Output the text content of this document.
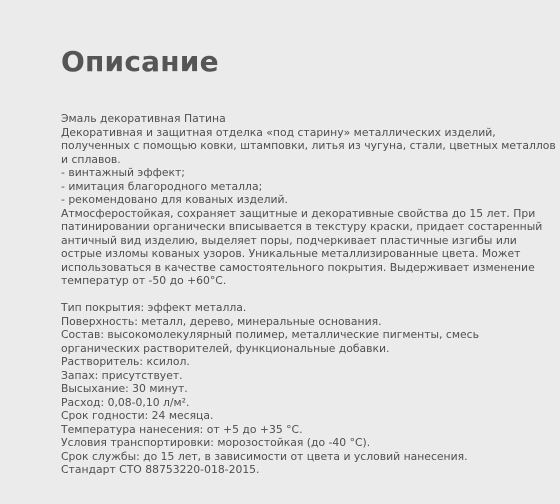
Описание
Эмаль декоративная Патина
Декоративная и защитная отделка «под старину» металлических изделий,
полученных с помощью ковки, штамповки, литья из чугуна, стали, цветных металлов
и сплавов.
- винтажный эффект;
- имитация благородного металла;
- рекомендовано для кованых изделий.
Атмосферостойкая, сохраняет защитные и декоративные свойства до 15 лет. При
патинировании органически вписывается в текстуру краски, придает состаренный
античный вид изделию, выделяет поры, подчеркивает пластичные изгибы или
острые изломы кованых узоров. Уникальные металлизированные цвета. Может
использоваться в качестве самостоятельного покрытия. Выдерживает изменение
температур от -50 до +60°С.
Тип покрытия: эффект металла.
Поверхность: металл, дерево, минеральные основания.
Состав: высокомолекулярный полимер, металлические пигменты, смесь
органических растворителей, функциональные добавки.
Растворитель: ксилол.
Запах: присутствует.
Высыхание: 30 минут.
Расход: 0,08-0,10 л/м².
Срок годности: 24 месяца.
Температура нанесения: от +5 до +35 °С.
Условия транспортировки: морозостойкая (до -40 °С).
Срок службы: до 15 лет, в зависимости от цвета и условий нанесения.
Стандарт СТО 88753220-018-2015.
